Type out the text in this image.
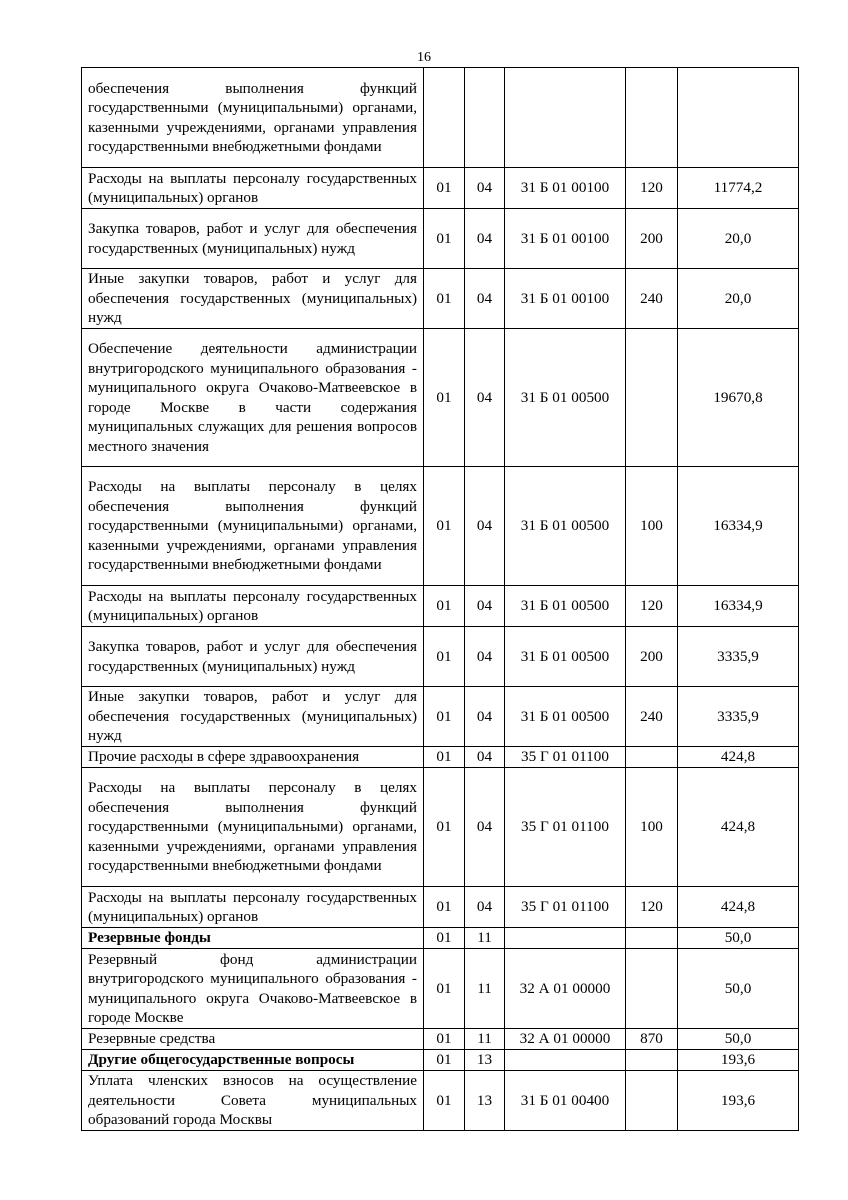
16
обеспечения выполнения функций государственными (муниципальными) органами, казенными учреждениями, органами управления государственными внебюджетными фондами					
Расходы на выплаты персоналу государственных (муниципальных) органов	01	04	31 Б 01 00100	120	11774,2
Закупка товаров, работ и услуг для обеспечения государственных (муниципальных) нужд	01	04	31 Б 01 00100	200	20,0
Иные закупки товаров, работ и услуг для обеспечения государственных (муниципальных) нужд	01	04	31 Б 01 00100	240	20,0
Обеспечение деятельности администрации внутригородского муниципального образования - муниципального округа Очаково-Матвеевское в городе Москве в части содержания муниципальных служащих для решения вопросов местного значения	01	04	31 Б 01 00500		19670,8
Расходы на выплаты персоналу в целях обеспечения выполнения функций государственными (муниципальными) органами, казенными учреждениями, органами управления государственными внебюджетными фондами	01	04	31 Б 01 00500	100	16334,9
Расходы на выплаты персоналу государственных (муниципальных) органов	01	04	31 Б 01 00500	120	16334,9
Закупка товаров, работ и услуг для обеспечения государственных (муниципальных) нужд	01	04	31 Б 01 00500	200	3335,9
Иные закупки товаров, работ и услуг для обеспечения государственных (муниципальных) нужд	01	04	31 Б 01 00500	240	3335,9
Прочие расходы в сфере здравоохранения	01	04	35 Г 01 01100		424,8
Расходы на выплаты персоналу в целях обеспечения выполнения функций государственными (муниципальными) органами, казенными учреждениями, органами управления государственными внебюджетными фондами	01	04	35 Г 01 01100	100	424,8
Расходы на выплаты персоналу государственных (муниципальных) органов	01	04	35 Г 01 01100	120	424,8
Резервные фонды	01	11			50,0
Резервный фонд администрации внутригородского муниципального образования - муниципального округа Очаково-Матвеевское в городе Москве	01	11	32 А 01 00000		50,0
Резервные средства	01	11	32 А 01 00000	870	50,0
Другие общегосударственные вопросы	01	13			193,6
Уплата членских взносов на осуществление деятельности Совета муниципальных образований города Москвы	01	13	31 Б 01 00400		193,6
